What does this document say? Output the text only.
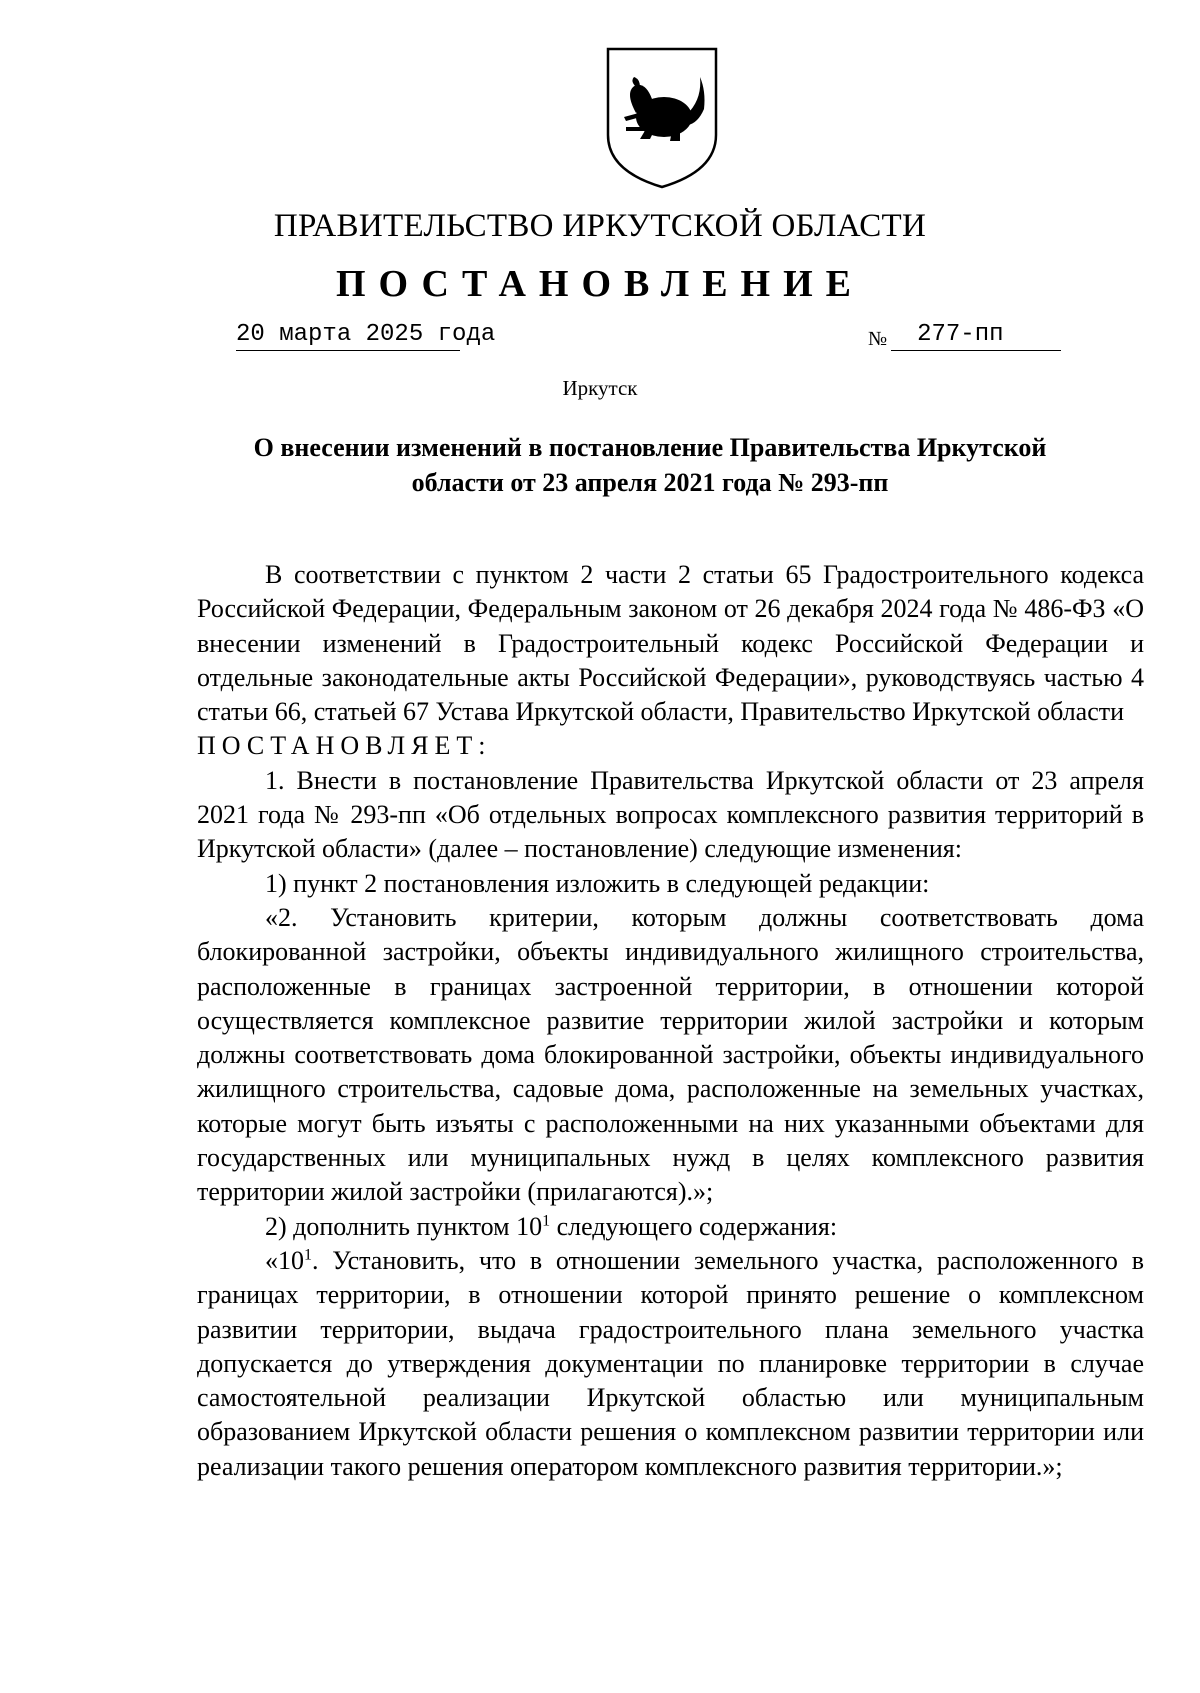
ПРАВИТЕЛЬСТВО ИРКУТСКОЙ ОБЛАСТИ
ПОСТАНОВЛЕНИЕ
20 марта 2025 года	№	277-пп
Иркутск
О внесении изменений в постановление Правительства Иркутской
области от 23 апреля 2021 года № 293-пп

В соответствии с пунктом 2 части 2 статьи 65 Градостроительного кодекса Российской Федерации, Федеральным законом от 26 декабря 2024 года № 486-ФЗ «О внесении изменений в Градостроительный кодекс Российской Федерации и отдельные законодательные акты Российской Федерации», руководствуясь частью 4 статьи 66, статьей 67 Устава Иркутской области, Правительство Иркутской области

ПОСТАНОВЛЯЕТ:

1. Внести в постановление Правительства Иркутской области от 23 апреля 2021 года № 293-пп «Об отдельных вопросах комплексного развития территорий в Иркутской области» (далее – постановление) следующие изменения:

1) пункт 2 постановления изложить в следующей редакции:

«2. Установить критерии, которым должны соответствовать дома блокированной застройки, объекты индивидуального жилищного строительства, расположенные в границах застроенной территории, в отношении которой осуществляется комплексное развитие территории жилой застройки и которым должны соответствовать дома блокированной застройки, объекты индивидуального жилищного строительства, садовые дома, расположенные на земельных участках, которые могут быть изъяты с расположенными на них указанными объектами для государственных или муниципальных нужд в целях комплексного развития территории жилой застройки (прилагаются).»;

2) дополнить пунктом $10^1$ следующего содержания:

«$10^1$. Установить, что в отношении земельного участка, расположенного в границах территории, в отношении которой принято решение о комплексном развитии территории, выдача градостроительного плана земельного участка допускается до утверждения документации по планировке территории в случае самостоятельной реализации Иркутской областью или муниципальным образованием Иркутской области решения о комплексном развитии территории или реализации такого решения оператором комплексного развития территории.»;
